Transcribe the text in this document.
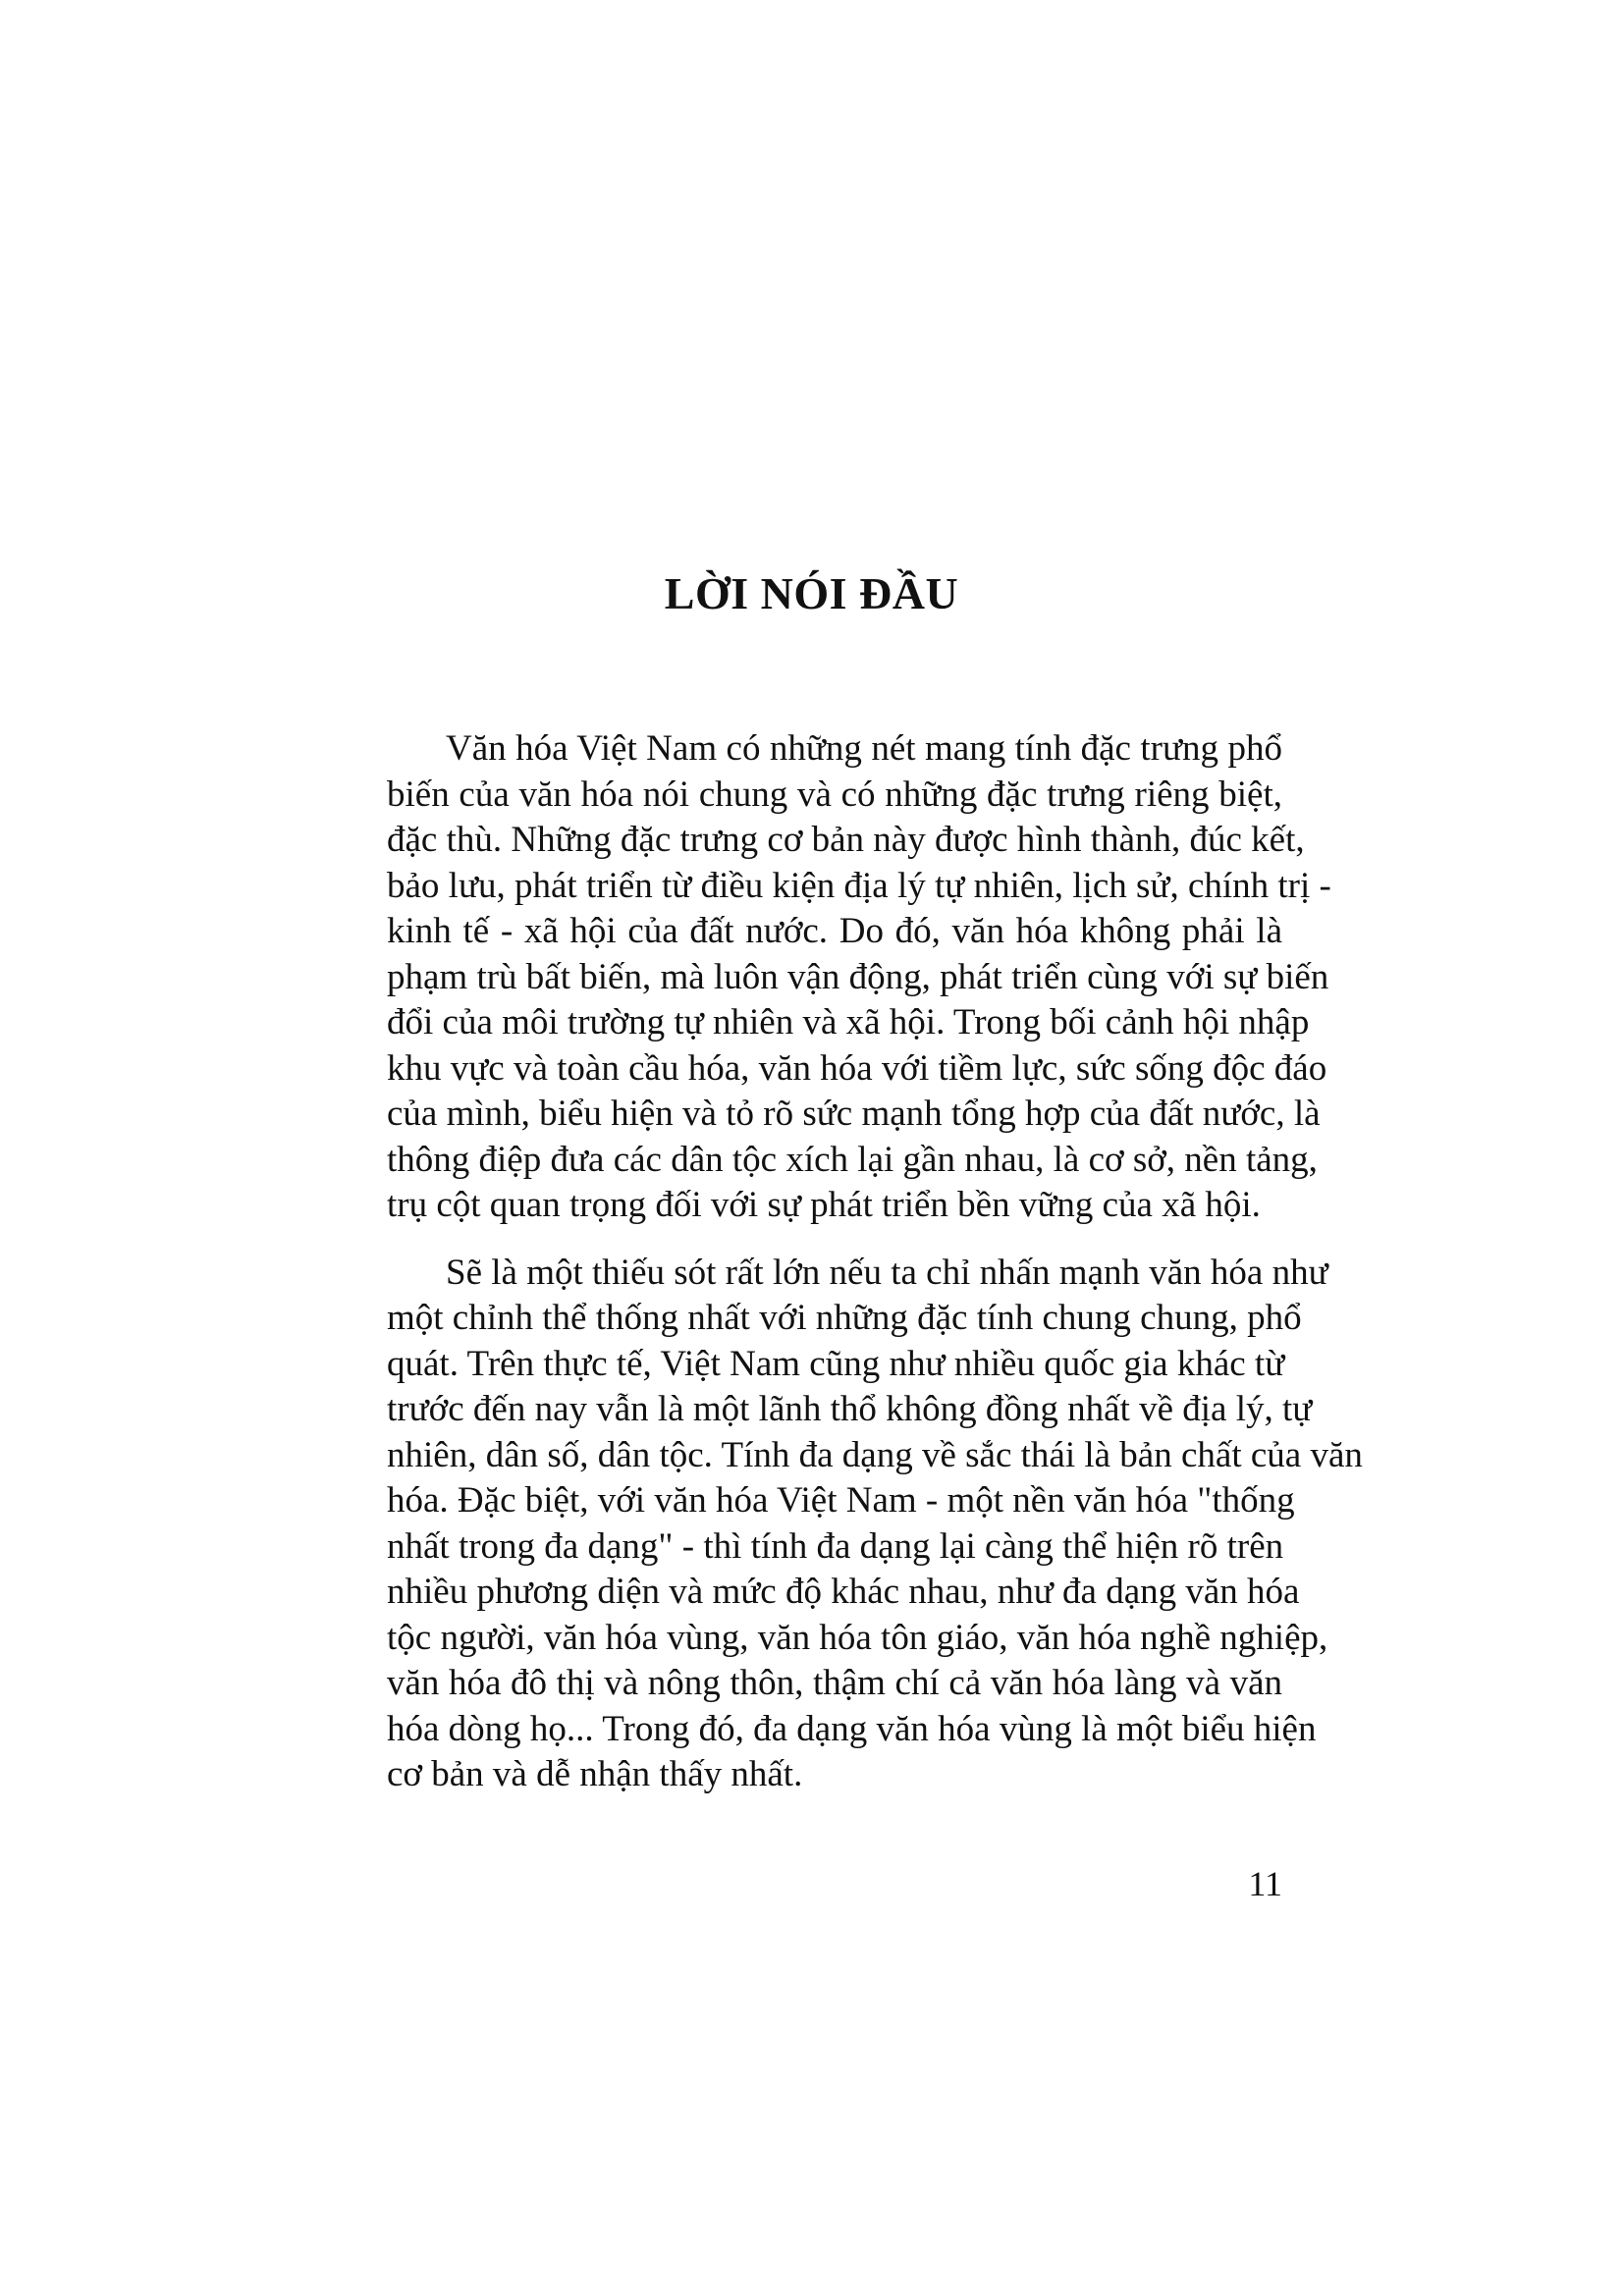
LỜI NÓI ĐẦU

Văn hóa Việt Nam có những nét mang tính đặc trưng phổ
biến của văn hóa nói chung và có những đặc trưng riêng biệt,
đặc thù. Những đặc trưng cơ bản này được hình thành, đúc kết,
bảo lưu, phát triển từ điều kiện địa lý tự nhiên, lịch sử, chính trị -
kinh tế - xã hội của đất nước. Do đó, văn hóa không phải là
phạm trù bất biến, mà luôn vận động, phát triển cùng với sự biến
đổi của môi trường tự nhiên và xã hội. Trong bối cảnh hội nhập
khu vực và toàn cầu hóa, văn hóa với tiềm lực, sức sống độc đáo
của mình, biểu hiện và tỏ rõ sức mạnh tổng hợp của đất nước, là
thông điệp đưa các dân tộc xích lại gần nhau, là cơ sở, nền tảng,
trụ cột quan trọng đối với sự phát triển bền vững của xã hội.

Sẽ là một thiếu sót rất lớn nếu ta chỉ nhấn mạnh văn hóa như
một chỉnh thể thống nhất với những đặc tính chung chung, phổ
quát. Trên thực tế, Việt Nam cũng như nhiều quốc gia khác từ
trước đến nay vẫn là một lãnh thổ không đồng nhất về địa lý, tự
nhiên, dân số, dân tộc. Tính đa dạng về sắc thái là bản chất của văn
hóa. Đặc biệt, với văn hóa Việt Nam - một nền văn hóa "thống
nhất trong đa dạng" - thì tính đa dạng lại càng thể hiện rõ trên
nhiều phương diện và mức độ khác nhau, như đa dạng văn hóa
tộc người, văn hóa vùng, văn hóa tôn giáo, văn hóa nghề nghiệp,
văn hóa đô thị và nông thôn, thậm chí cả văn hóa làng và văn
hóa dòng họ... Trong đó, đa dạng văn hóa vùng là một biểu hiện
cơ bản và dễ nhận thấy nhất.

11
